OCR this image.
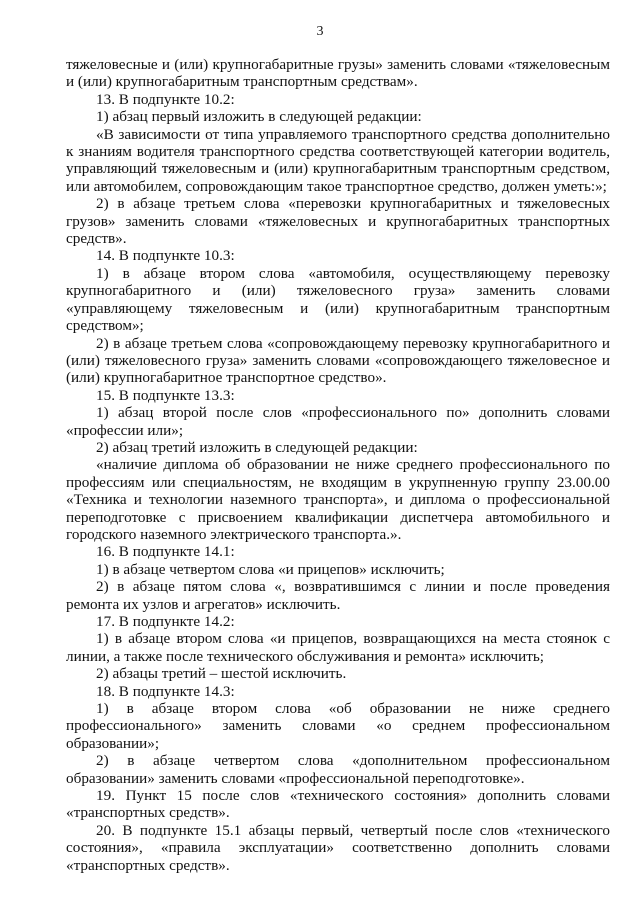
3

тяжеловесные и (или) крупногабаритные грузы» заменить словами «тяжеловесным и (или) крупногабаритным транспортным средствам».

13. В подпункте 10.2:

1) абзац первый изложить в следующей редакции:

«В зависимости от типа управляемого транспортного средства дополнительно к знаниям водителя транспортного средства соответствующей категории водитель, управляющий тяжеловесным и (или) крупногабаритным транспортным средством, или автомобилем, сопровождающим такое транспортное средство, должен уметь:»;

2) в абзаце третьем слова «перевозки крупногабаритных и тяжеловесных грузов» заменить словами «тяжеловесных и крупногабаритных транспортных средств».

14. В подпункте 10.3:

1) в абзаце втором слова «автомобиля, осуществляющему перевозку крупногабаритного и (или) тяжеловесного груза» заменить словами «управляющему тяжеловесным и (или) крупногабаритным транспортным средством»;

2) в абзаце третьем слова «сопровождающему перевозку крупногабаритного и (или) тяжеловесного груза» заменить словами «сопровождающего тяжеловесное и (или) крупногабаритное транспортное средство».

15. В подпункте 13.3:

1) абзац второй после слов «профессионального по» дополнить словами «профессии или»;

2) абзац третий изложить в следующей редакции:

«наличие диплома об образовании не ниже среднего профессионального по профессиям или специальностям, не входящим в укрупненную группу 23.00.00 «Техника и технологии наземного транспорта», и диплома о профессиональной переподготовке с присвоением квалификации диспетчера автомобильного и городского наземного электрического транспорта.».

16. В подпункте 14.1:

1) в абзаце четвертом слова «и прицепов» исключить;

2) в абзаце пятом слова «, возвратившимся с линии и после проведения ремонта их узлов и агрегатов» исключить.

17. В подпункте 14.2:

1) в абзаце втором слова «и прицепов, возвращающихся на места стоянок с линии, а также после технического обслуживания и ремонта» исключить;

2) абзацы третий – шестой исключить.

18. В подпункте 14.3:

1) в абзаце втором слова «об образовании не ниже среднего профессионального» заменить словами «о среднем профессиональном образовании»;

2) в абзаце четвертом слова «дополнительном профессиональном образовании» заменить словами «профессиональной переподготовке».

19. Пункт 15 после слов «технического состояния» дополнить словами «транспортных средств».

20. В подпункте 15.1 абзацы первый, четвертый после слов «технического состояния», «правила эксплуатации» соответственно дополнить словами «транспортных средств».
